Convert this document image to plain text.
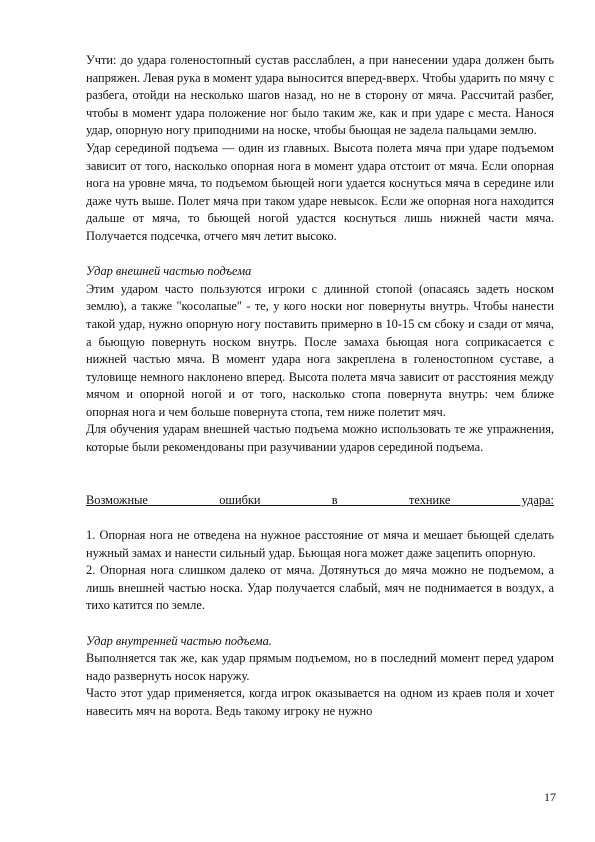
Учти: до удара голеностопный сустав расслаблен, а при нанесении удара должен быть напряжен. Левая рука в момент удара выносится вперед-вверх. Чтобы ударить по мячу с разбега, отойди на несколько шагов назад, но не в сторону от мяча. Рассчитай разбег, чтобы в момент удара положение ног было таким же, как и при ударе с места. Нанося удар, опорную ногу приподними на носке, чтобы бьющая не задела пальцами землю.

Удар серединой подъема — один из главных. Высота полета мяча при ударе подъемом зависит от того, насколько опорная нога в момент удара отстоит от мяча. Если опорная нога на уровне мяча, то подъемом бьющей ноги удается коснуться мяча в середине или даже чуть выше. Полет мяча при таком ударе невысок. Если же опорная нога находится дальше от мяча, то бьющей ногой удастся коснуться лишь нижней части мяча. Получается подсечка, отчего мяч летит высоко.

Удар внешней частью подъема

Этим ударом часто пользуются игроки с длинной стопой (опасаясь задеть носком землю), а также "косолапые" - те, у кого носки ног повернуты внутрь. Чтобы нанести такой удар, нужно опорную ногу поставить примерно в 10-15 см сбоку и сзади от мяча, а бьющую повернуть носком внутрь. После замаха бьющая нога соприкасается с нижней частью мяча. В момент удара нога закреплена в голеностопном суставе, а туловище немного наклонено вперед. Высота полета мяча зависит от расстояния между мячом и опорной ногой и от того, насколько стопа повернута внутрь: чем ближе опорная нога и чем больше повернута стопа, тем ниже полетит мяч.

Для обучения ударам внешней частью подъема можно использовать те же упражнения, которые были рекомендованы при разучивании ударов серединой подъема.

Возможные ошибки в технике удара:

1. Опорная нога не отведена на нужное расстояние от мяча и мешает бьющей сделать нужный замах и нанести сильный удар. Бьющая нога может даже зацепить опорную.

2. Опорная нога слишком далеко от мяча. Дотянуться до мяча можно не подъемом, а лишь внешней частью носка. Удар получается слабый, мяч не поднимается в воздух, а тихо катится по земле.

Удар внутренней частью подъема.

Выполняется так же, как удар прямым подъемом, но в последний момент перед ударом надо развернуть носок наружу.

Часто этот удар применяется, когда игрок оказывается на одном из краев поля и хочет навесить мяч на ворота. Ведь такому игроку не нужно

17
